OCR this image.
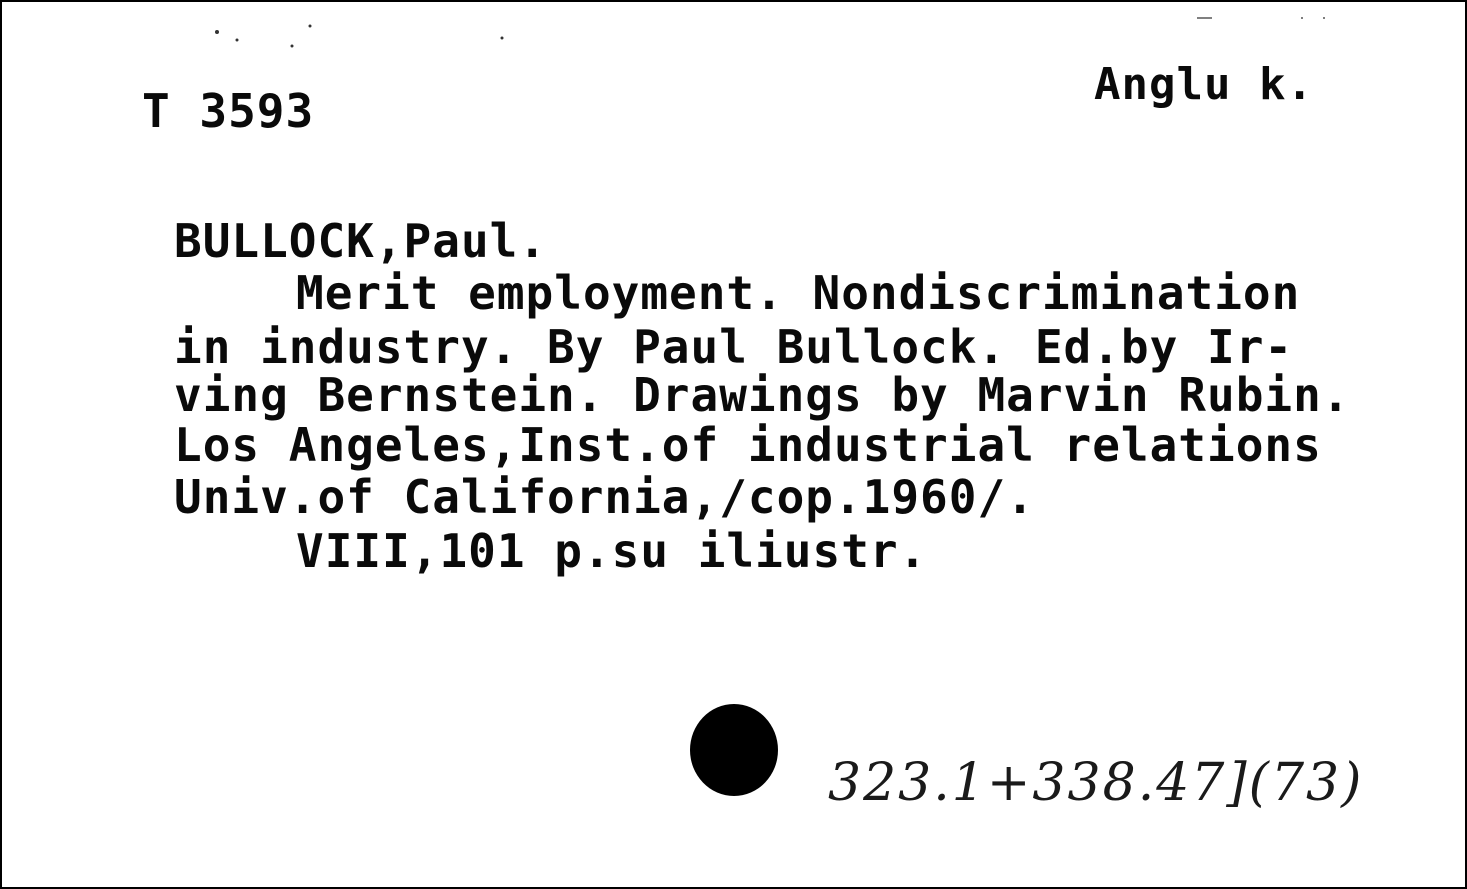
T 3593	Anglu k.
BULLOCK,Paul.
Merit employment. Nondiscrimination
in industry. By Paul Bullock. Ed.by Ir-
ving Bernstein. Drawings by Marvin Rubin.
Los Angeles,Inst.of industrial relations
Univ.of California,/cop.1960/.
VIII,101 p.su iliustr.
323.1+338.47](73)
